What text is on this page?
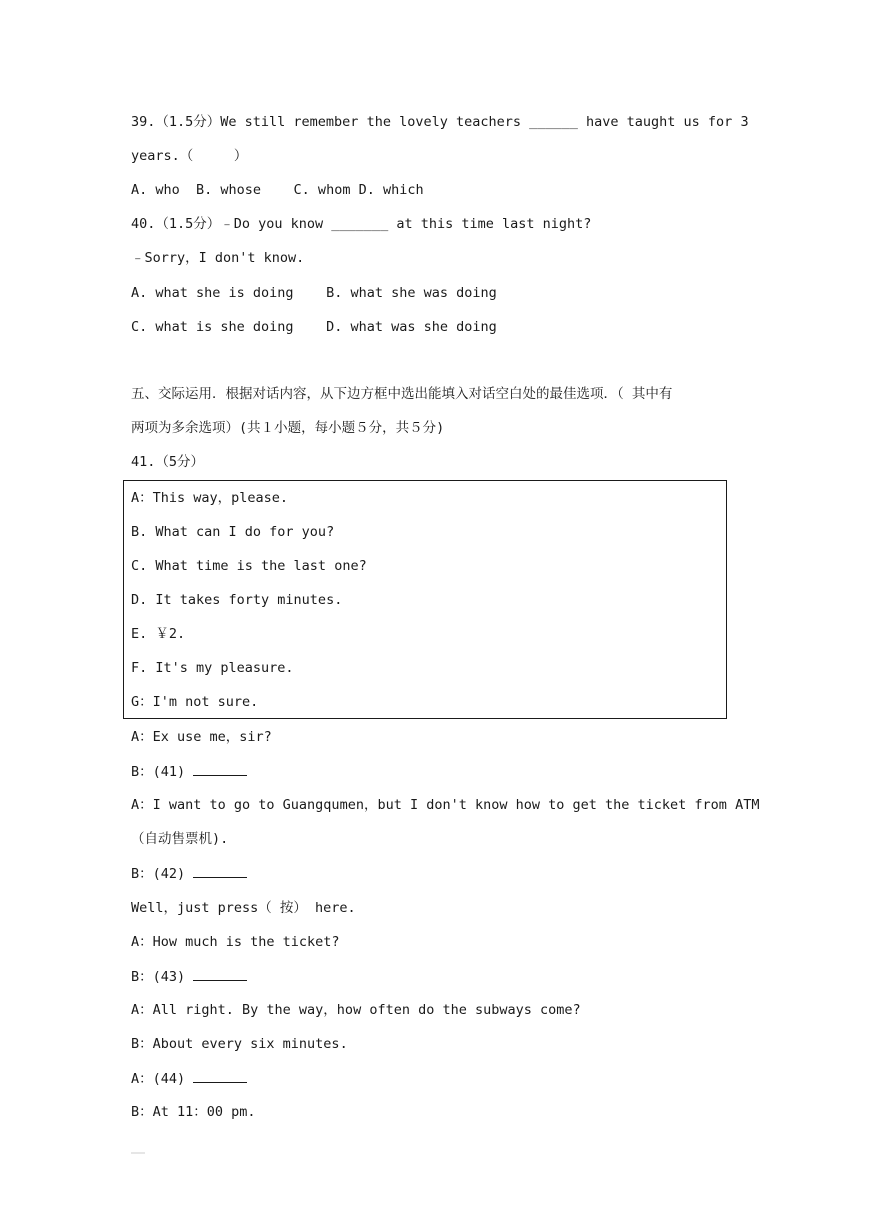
39.（1.5分）We still remember the lovely teachers ______ have taught us for 3
years.（     ）
A. who  B. whose    C. whom D. which
40.（1.5分）﹣Do you know _______ at this time last night?
﹣Sorry，I don't know.
A. what she is doing    B. what she was doing
C. what is she doing    D. what was she doing
五、交际运用．根据对话内容，从下边方框中选出能填入对话空白处的最佳选项．（ 其中有
两项为多余选项）(共１小题，每小题５分，共５分)
41.（5分）
A：This way，please.
B. What can I do for you?
C. What time is the last one?
D. It takes forty minutes.
E. ￥2.
F. It's my pleasure.
G：I'm not sure.
A：Ex use me，sir?
B：(41)
A：I want to go to Guangqumen，but I don't know how to get the ticket from ATM
（自动售票机).
B：(42)
Well，just press（ 按） here.
A：How much is the ticket?
B：(43)
A：All right. By the way，how often do the subways come?
B：About every six minutes.
A：(44)
B：At 11：00 pm.
